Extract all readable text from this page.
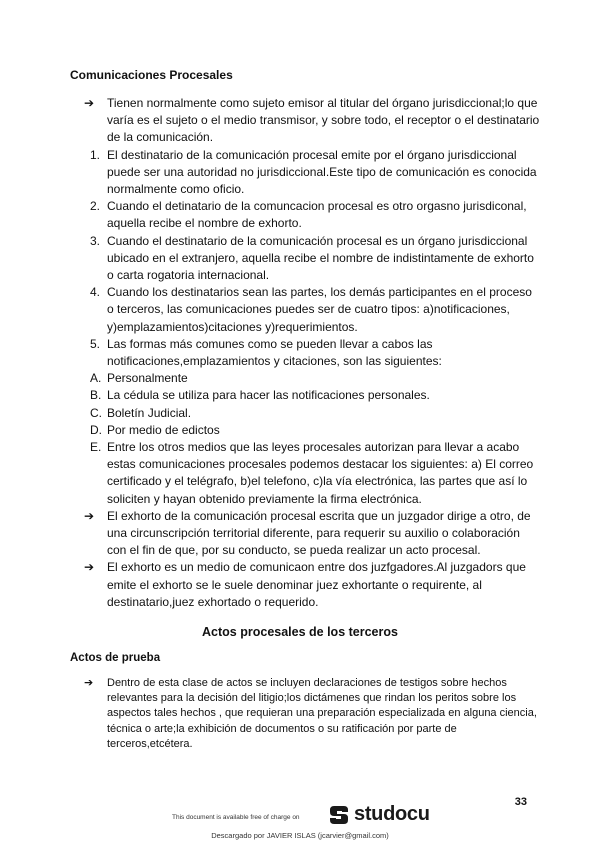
Comunicaciones Procesales
➔	Tienen normalmente como sujeto emisor al titular del órgano jurisdiccional;lo que varía es el sujeto o el medio transmisor, y sobre todo, el receptor o el destinatario de la comunicación.
1. El destinatario de la comunicación procesal emite por el órgano jurisdiccional puede ser una autoridad no jurisdiccional.Este tipo de comunicación es conocida normalmente como oficio.
2. Cuando el detinatario de la comuncacion procesal es otro orgasno jurisdiconal, aquella recibe el nombre de exhorto.
3. Cuando el destinatario de la comunicación procesal es un órgano jurisdiccional ubicado en el extranjero, aquella recibe el nombre de indistintamente de exhorto o carta rogatoria internacional.
4. Cuando los destinatarios sean las partes, los demás participantes en el proceso o terceros, las comunicaciones puedes ser de cuatro tipos: a)notificaciones, y)emplazamientos)citaciones y)requerimientos.
5. Las formas más comunes como se pueden llevar a cabos las notificaciones,emplazamientos y citaciones, son las siguientes:
A. Personalmente
B. La cédula se utiliza para hacer las notificaciones personales.
C. Boletín Judicial.
D. Por medio de edictos
E. Entre los otros medios que las leyes procesales autorizan para llevar a acabo estas comunicaciones procesales podemos destacar los siguientes: a) El correo certificado y el telégrafo, b)el telefono, c)la vía electrónica, las partes que así lo soliciten y hayan obtenido previamente la firma electrónica.
➔	El exhorto de la comunicación procesal escrita que un juzgador dirige a otro, de una circunscripción territorial diferente, para requerir su auxilio o colaboración con el fin de que, por su conducto, se pueda realizar un acto procesal.
➔	El exhorto es un medio de comunicaon entre dos juzfgadores.Al juzgadors que emite el exhorto se le suele denominar juez exhortante o requirente, al destinatario,juez exhortado o requerido.
Actos procesales de los terceros
Actos de prueba
➔	Dentro de esta clase de actos se incluyen declaraciones de testigos sobre hechos relevantes para la decisión del litigio;los dictámenes que rindan los peritos sobre los aspectos tales hechos , que requieran una preparación especializada en alguna ciencia, técnica o arte;la exhibición de documentos o su ratificación por parte de terceros,etcétera.
33
This document is available free of charge on	studocu
Descargado por JAVIER ISLAS (jcarvier@gmail.com)
